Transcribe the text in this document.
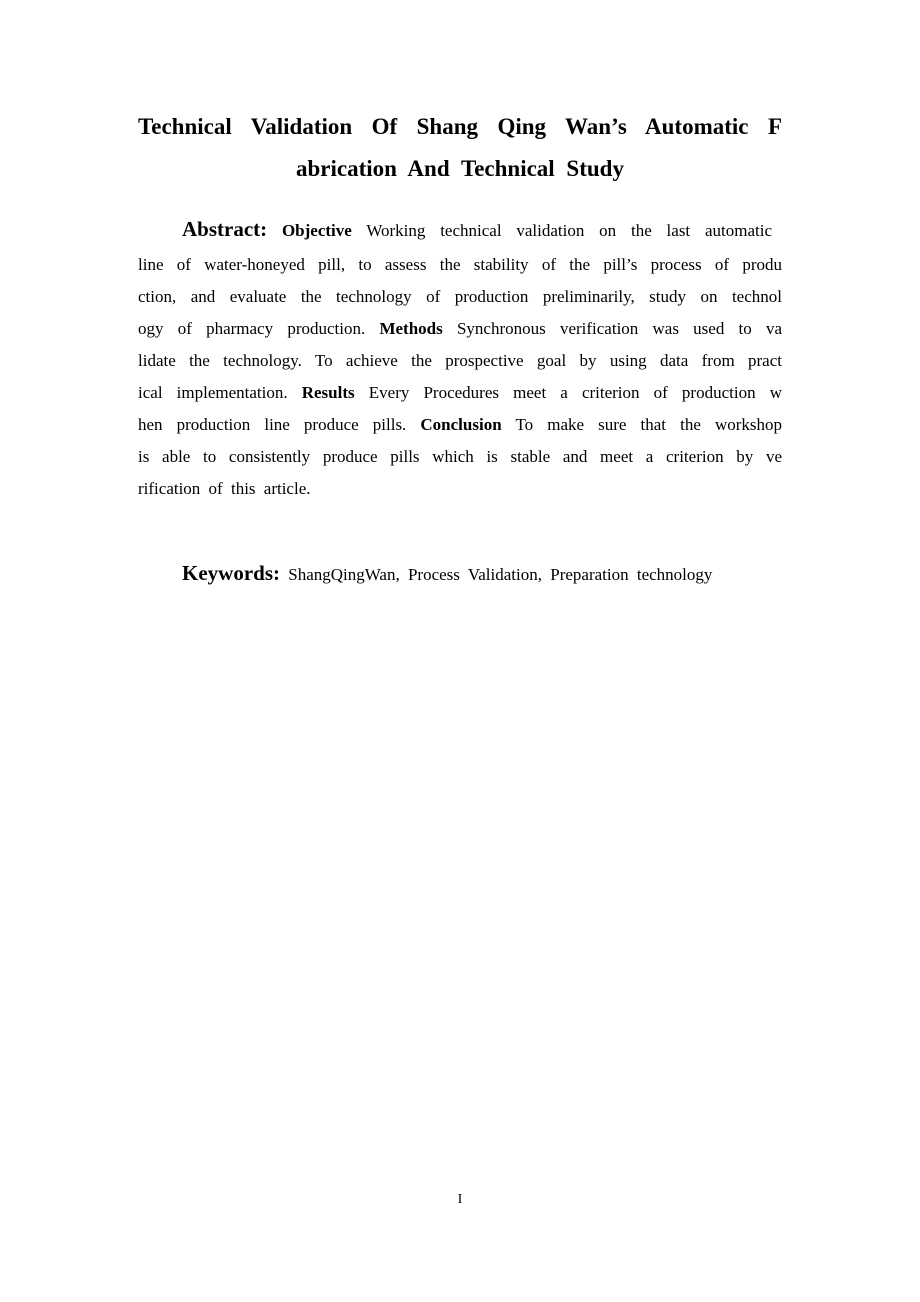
Technical Validation Of Shang Qing Wan’s Automatic F
abrication And Technical Study
Abstract: Objective Working technical validation on the last automatic
line of water-honeyed pill, to assess the stability of the pill’s process of produ
ction, and evaluate the technology of production preliminarily, study on technol
ogy of pharmacy production. Methods Synchronous verification was used to va
lidate the technology. To achieve the prospective goal by using data from pract
ical implementation. Results Every Procedures meet a criterion of production w
hen production line produce pills. Conclusion To make sure that the workshop
is able to consistently produce pills which is stable and meet a criterion by ve
rification of this article.
Keywords: ShangQingWan, Process Validation, Preparation technology
I
